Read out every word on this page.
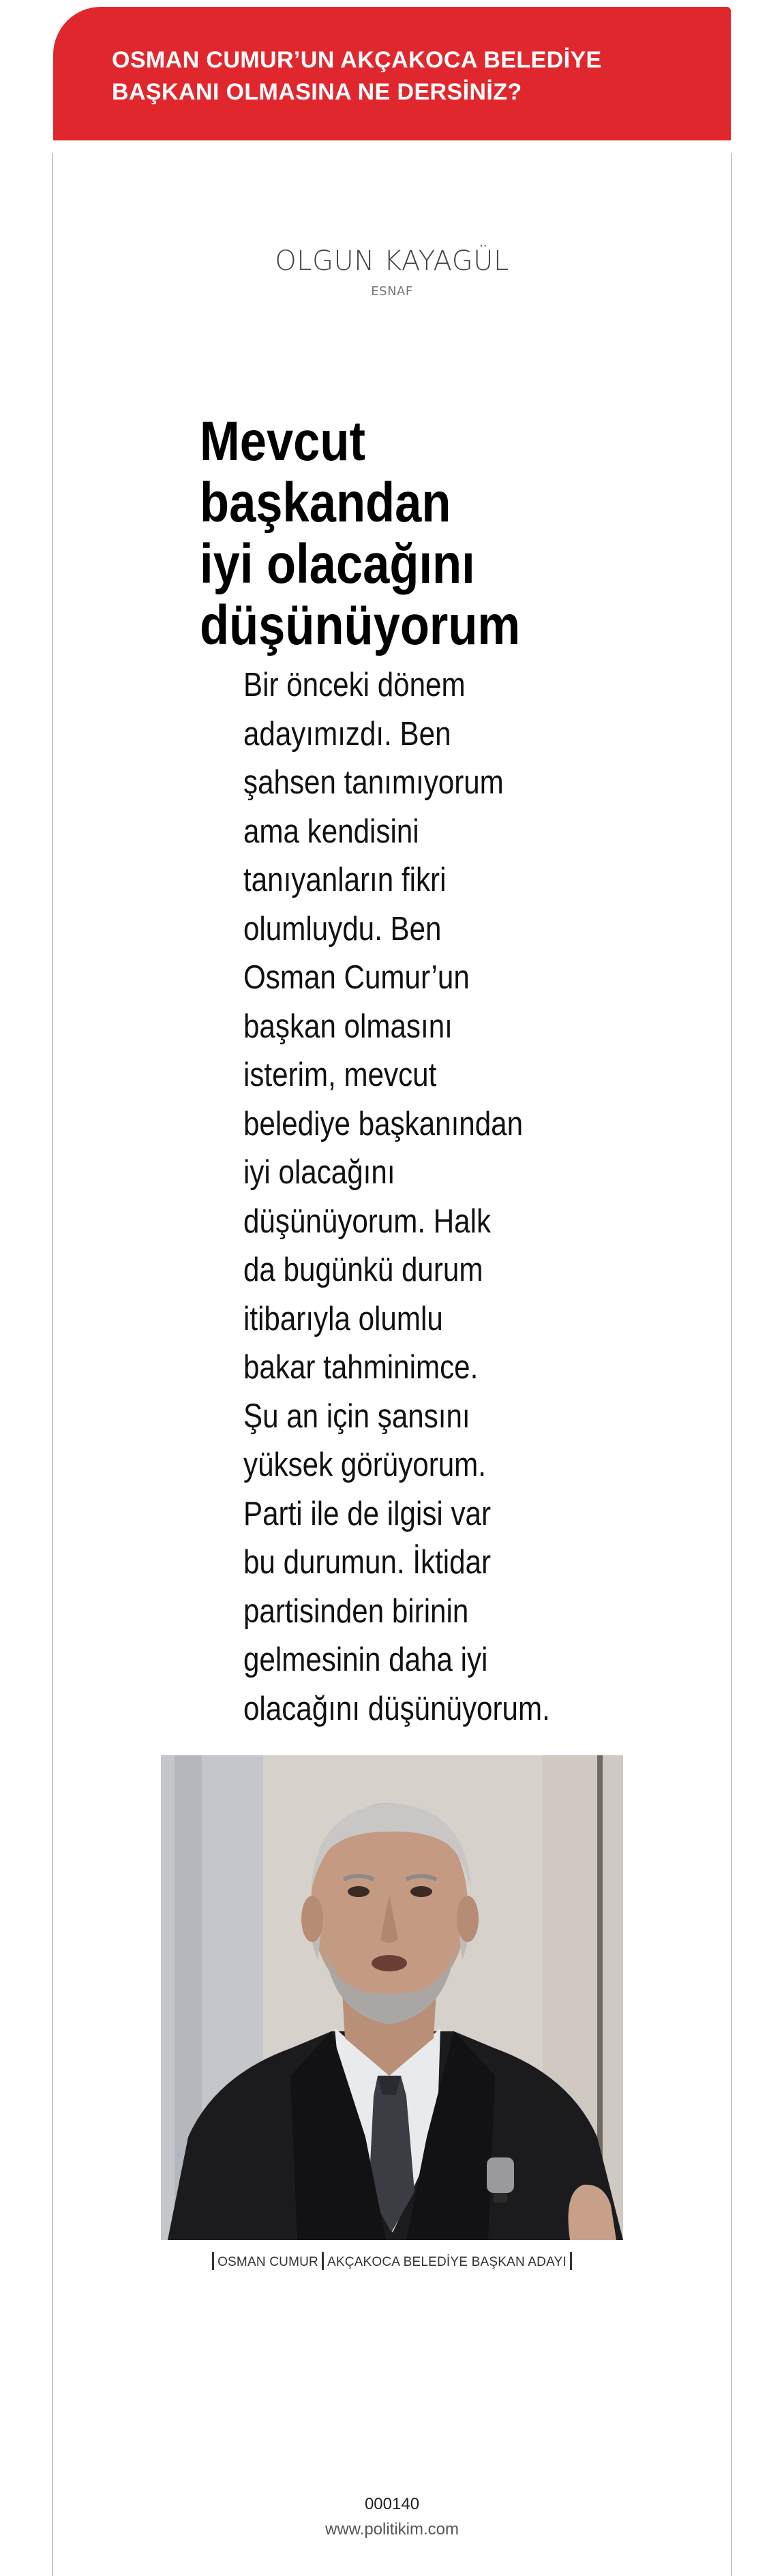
OSMAN CUMUR’UN AKÇAKOCA BELEDİYE
BAŞKANI OLMASINA NE DERSİNİZ?
OLGUN KAYAGÜL
ESNAF
Mevcut
başkandan
iyi olacağını
düşünüyorum
Bir önceki dönem
adayımızdı. Ben
şahsen tanımıyorum
ama kendisini
tanıyanların fikri
olumluydu. Ben
Osman Cumur’un
başkan olmasını
isterim, mevcut
belediye başkanından
iyi olacağını
düşünüyorum. Halk
da bugünkü durum
itibarıyla olumlu
bakar tahminimce.
Şu an için şansını
yüksek görüyorum.
Parti ile de ilgisi var
bu durumun. İktidar
partisinden birinin
gelmesinin daha iyi
olacağını düşünüyorum.
OSMAN CUMUR AKÇAKOCA BELEDİYE BAŞKAN ADAYI
000140
www.politikim.com
